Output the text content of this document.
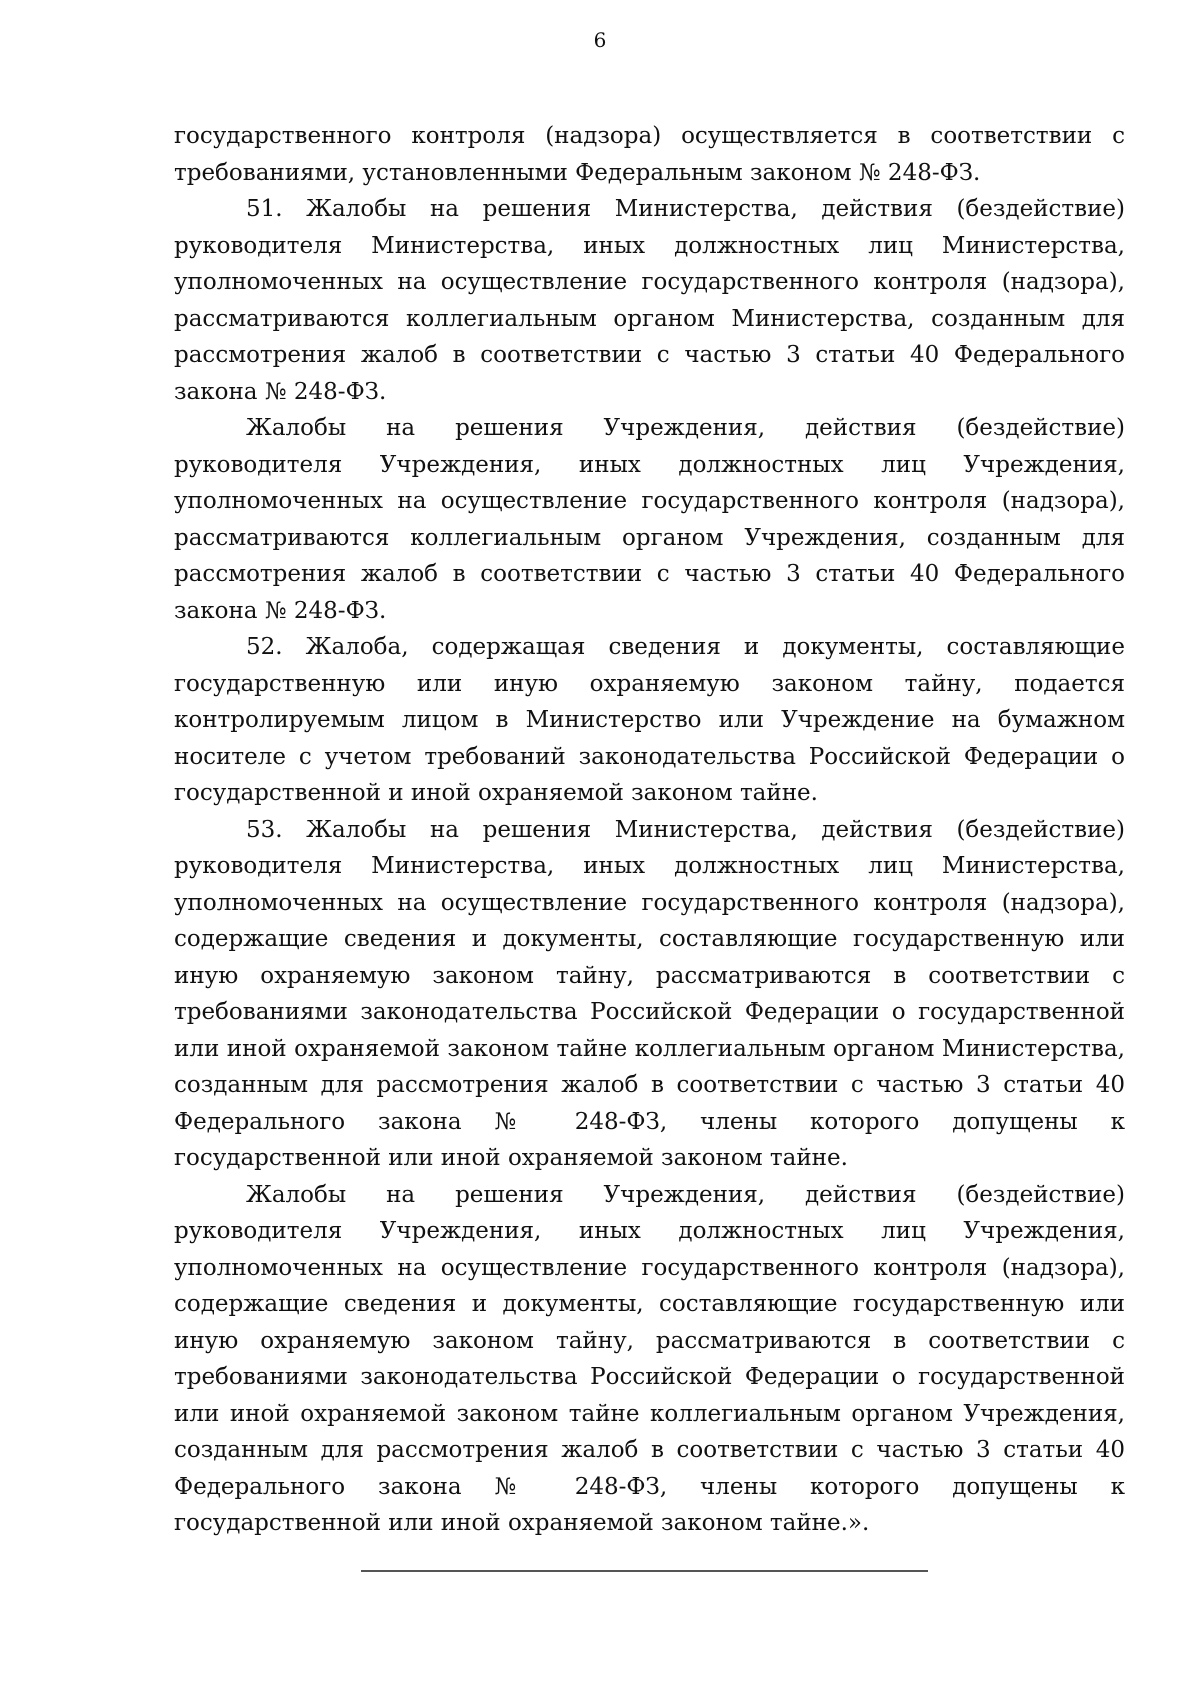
6

государственного контроля (надзора) осуществляется в соответствии с требованиями, установленными Федеральным законом № 248-ФЗ.

51. Жалобы на решения Министерства, действия (бездействие) руководителя Министерства, иных должностных лиц Министерства, уполномоченных на осуществление государственного контроля (надзора), рассматриваются коллегиальным органом Министерства, созданным для рассмотрения жалоб в соответствии с частью 3 статьи 40 Федерального закона № 248-ФЗ.

Жалобы на решения Учреждения, действия (бездействие) руководителя Учреждения, иных должностных лиц Учреждения, уполномоченных на осуществление государственного контроля (надзора), рассматриваются коллегиальным органом Учреждения, созданным для рассмотрения жалоб в соответствии с частью 3 статьи 40 Федерального закона № 248-ФЗ.

52. Жалоба, содержащая сведения и документы, составляющие государственную или иную охраняемую законом тайну, подается контролируемым лицом в Министерство или Учреждение на бумажном носителе с учетом требований законодательства Российской Федерации о государственной и иной охраняемой законом тайне.

53. Жалобы на решения Министерства, действия (бездействие) руководителя Министерства, иных должностных лиц Министерства, уполномоченных на осуществление государственного контроля (надзора), содержащие сведения и документы, составляющие государственную или иную охраняемую законом тайну, рассматриваются в соответствии с требованиями законодательства Российской Федерации о государственной или иной охраняемой законом тайне коллегиальным органом Министерства, созданным для рассмотрения жалоб в соответствии с частью 3 статьи 40 Федерального закона № 248-ФЗ, члены которого допущены к государственной или иной охраняемой законом тайне.

Жалобы на решения Учреждения, действия (бездействие) руководителя Учреждения, иных должностных лиц Учреждения, уполномоченных на осуществление государственного контроля (надзора), содержащие сведения и документы, составляющие государственную или иную охраняемую законом тайну, рассматриваются в соответствии с требованиями законодательства Российской Федерации о государственной или иной охраняемой законом тайне коллегиальным органом Учреждения, созданным для рассмотрения жалоб в соответствии с частью 3 статьи 40 Федерального закона № 248-ФЗ, члены которого допущены к государственной или иной охраняемой законом тайне.».
